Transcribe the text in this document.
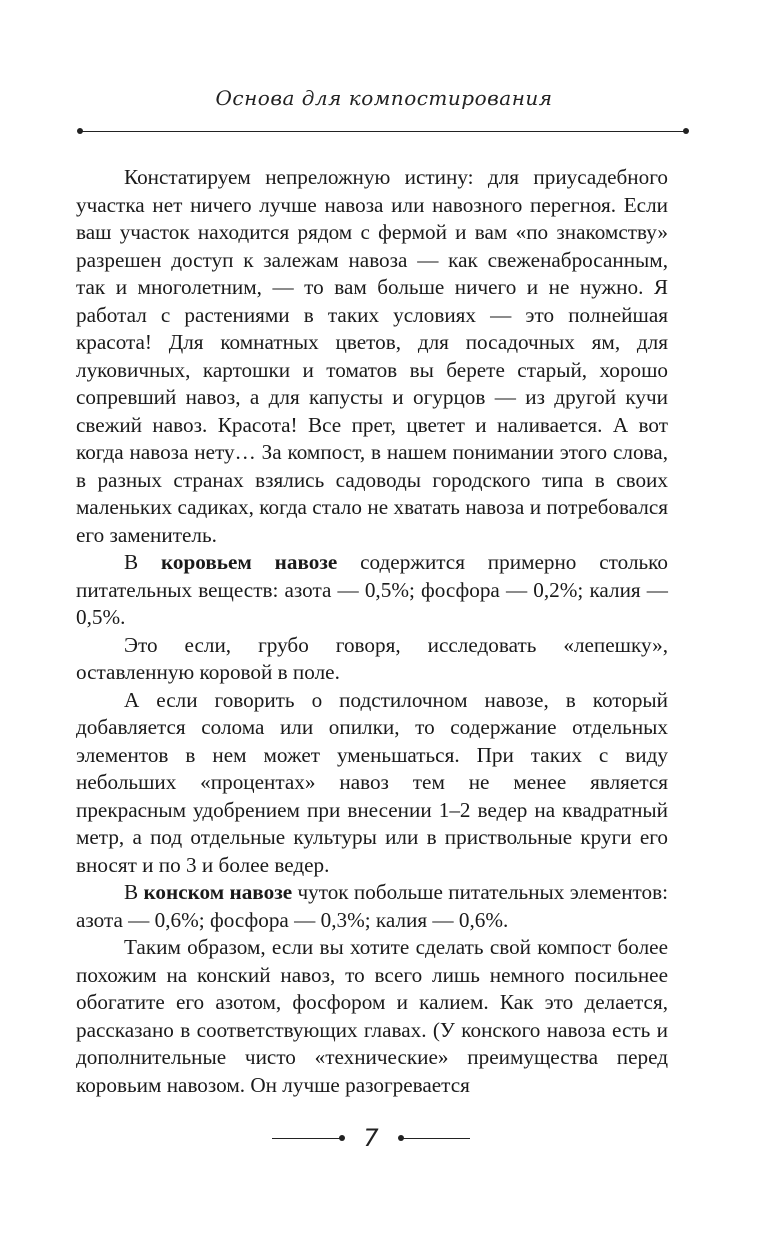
Основа для компостирования

Констатируем непреложную истину: для приусадебного участка нет ничего лучше навоза или навозного перегноя. Если ваш участок находится рядом с фермой и вам «по знакомству» разрешен доступ к залежам навоза — как свеженабросанным, так и многолетним, — то вам больше ничего и не нужно. Я работал с растениями в таких условиях — это полнейшая красота! Для комнатных цветов, для посадочных ям, для луковичных, картошки и томатов вы берете старый, хорошо сопревший навоз, а для капусты и огурцов — из другой кучи свежий навоз. Красота! Все прет, цветет и наливается. А вот когда навоза нету… За компост, в нашем понимании этого слова, в разных странах взялись садоводы городского типа в своих маленьких садиках, когда стало не хватать навоза и потребовался его заменитель.

В коровьем навозе содержится примерно столько питательных веществ: азота — 0,5%; фосфора — 0,2%; калия — 0,5%.

Это если, грубо говоря, исследовать «лепешку», оставленную коровой в поле.

А если говорить о подстилочном навозе, в который добавляется солома или опилки, то содержание отдельных элементов в нем может уменьшаться. При таких с виду небольших «процентах» навоз тем не менее является прекрасным удобрением при внесении 1–2 ведер на квадратный метр, а под отдельные культуры или в приствольные круги его вносят и по 3 и более ведер.

В конском навозе чуток побольше питательных элементов: азота — 0,6%; фосфора — 0,3%; калия — 0,6%.

Таким образом, если вы хотите сделать свой компост более похожим на конский навоз, то всего лишь немного посильнее обогатите его азотом, фосфором и калием. Как это делается, рассказано в соответствующих главах. (У конского навоза есть и дополнительные чисто «технические» преимущества перед коровьим навозом. Он лучше разогревается

7
